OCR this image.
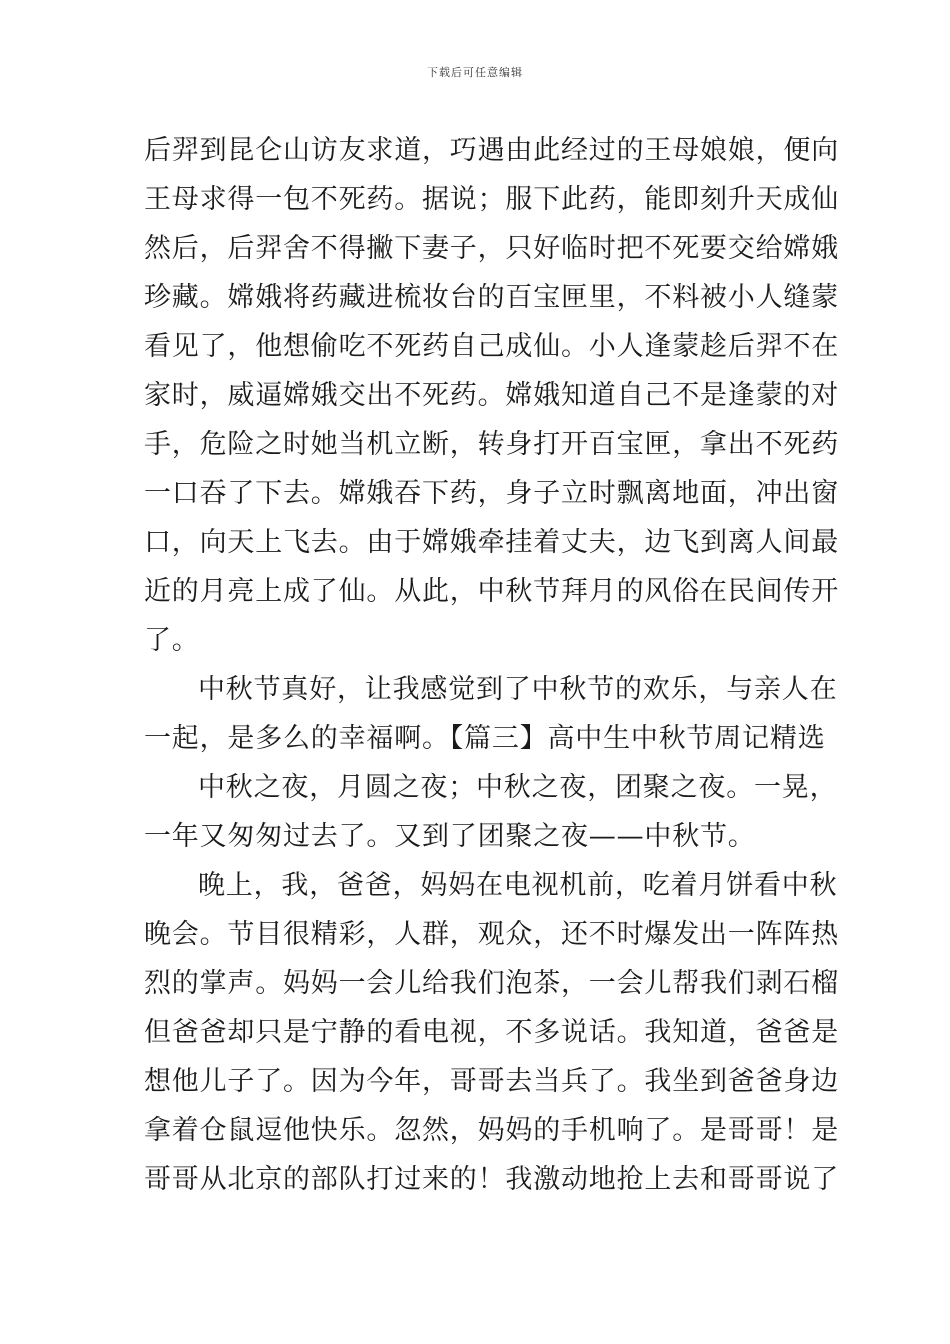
下载后可任意编辑
后羿到昆仑山访友求道，巧遇由此经过的王母娘娘，便向
王母求得一包不死药。据说；服下此药，能即刻升天成仙
然后，后羿舍不得撇下妻子，只好临时把不死要交给嫦娥
珍藏。嫦娥将药藏进梳妆台的百宝匣里，不料被小人缝蒙
看见了，他想偷吃不死药自己成仙。小人逢蒙趁后羿不在
家时，威逼嫦娥交出不死药。嫦娥知道自己不是逢蒙的对
手，危险之时她当机立断，转身打开百宝匣，拿出不死药
一口吞了下去。嫦娥吞下药，身子立时飘离地面，冲出窗
口，向天上飞去。由于嫦娥牵挂着丈夫，边飞到离人间最
近的月亮上成了仙。从此，中秋节拜月的风俗在民间传开
了。
中秋节真好，让我感觉到了中秋节的欢乐，与亲人在
一起，是多么的幸福啊。【篇三】高中生中秋节周记精选
中秋之夜，月圆之夜；中秋之夜，团聚之夜。一晃，
一年又匆匆过去了。又到了团聚之夜——中秋节。
晚上，我，爸爸，妈妈在电视机前，吃着月饼看中秋
晚会。节目很精彩，人群，观众，还不时爆发出一阵阵热
烈的掌声。妈妈一会儿给我们泡茶，一会儿帮我们剥石榴
但爸爸却只是宁静的看电视，不多说话。我知道，爸爸是
想他儿子了。因为今年，哥哥去当兵了。我坐到爸爸身边
拿着仓鼠逗他快乐。忽然，妈妈的手机响了。是哥哥！是
哥哥从北京的部队打过来的！我激动地抢上去和哥哥说了
